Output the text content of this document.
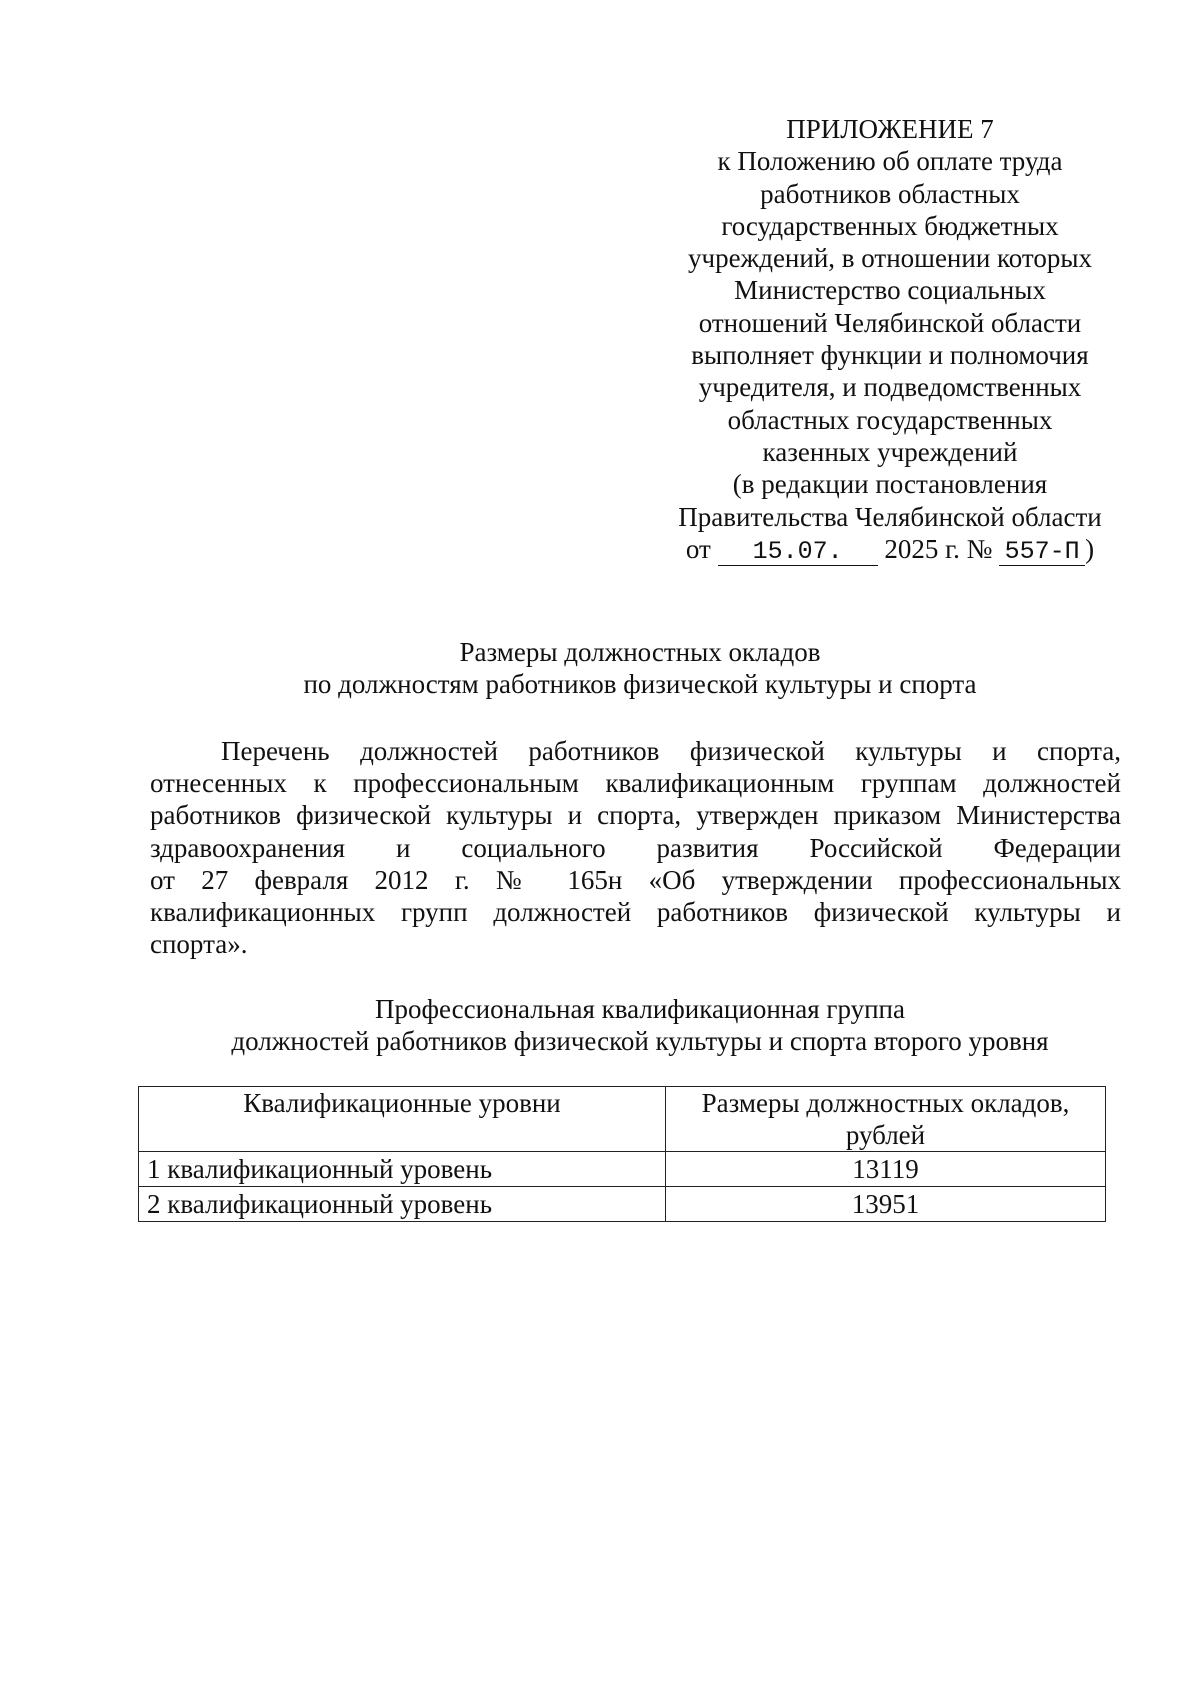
ПРИЛОЖЕНИЕ 7
к Положению об оплате труда
работников областных
государственных бюджетных
учреждений, в отношении которых
Министерство социальных
отношений Челябинской области
выполняет функции и полномочия
учредителя, и подведомственных
областных государственных
казенных учреждений
(в редакции постановления
Правительства Челябинской области
от 15.07. 2025 г. № 557-П )
Размеры должностных окладов
по должностям работников физической культуры и спорта
Перечень должностей работников физической культуры и спорта,
отнесенных к профессиональным квалификационным группам должностей
работников физической культуры и спорта, утвержден приказом Министерства
здравоохранения и социального развития Российской Федерации
от 27 февраля 2012 г. № 165н «Об утверждении профессиональных
квалификационных групп должностей работников физической культуры и
спорта».
Профессиональная квалификационная группа
должностей работников физической культуры и спорта второго уровня
Квалификационные уровни	Размеры должностных окладов,
рублей
1 квалификационный уровень	13119
2 квалификационный уровень	13951
